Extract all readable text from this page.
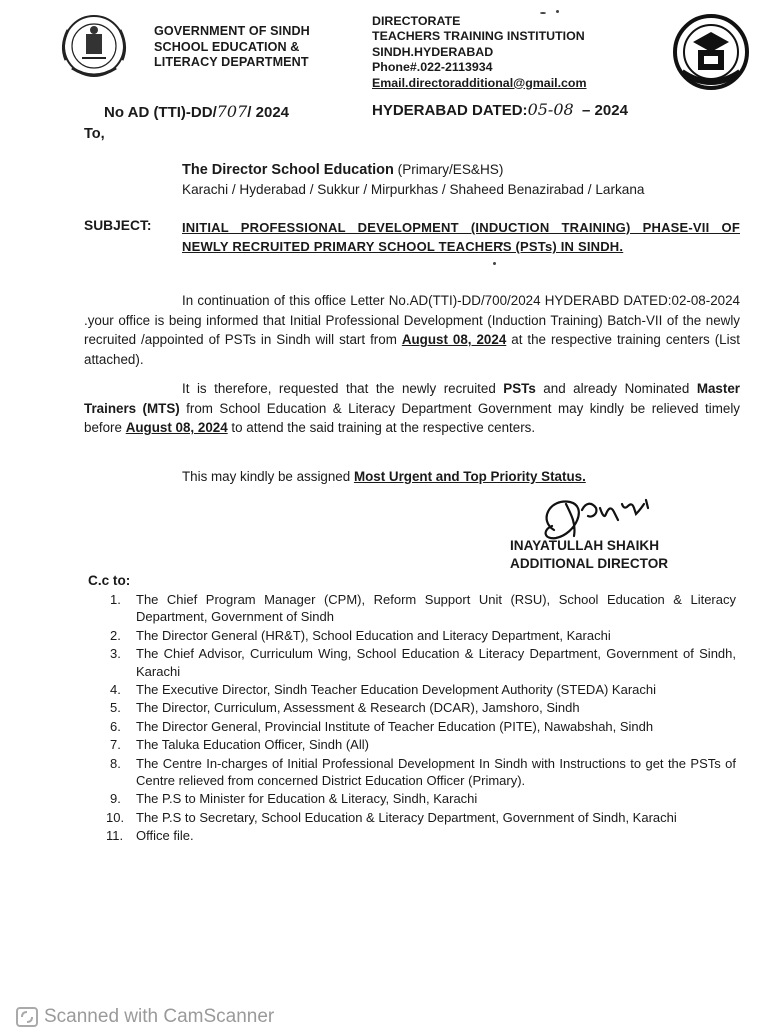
GOVERNMENT OF SINDH
SCHOOL EDUCATION &
LITERACY DEPARTMENT
DIRECTORATE
TEACHERS TRAINING INSTITUTION
SINDH.HYDERABAD
Phone#.022-2113934
Email.directoradditional@gmail.com
No AD (TTI)-DD/707/ 2024	HYDERABAD DATED:05-08 – 2024
To,
The Director School Education (Primary/ES&HS)
Karachi / Hyderabad / Sukkur / Mirpurkhas / Shaheed Benazirabad / Larkana
SUBJECT: INITIAL PROFESSIONAL DEVELOPMENT (INDUCTION TRAINING) PHASE-VII OF NEWLY RECRUITED PRIMARY SCHOOL TEACHERS (PSTs) IN SINDH.
In continuation of this office Letter No.AD(TTI)-DD/700/2024 HYDERABD DATED:02-08-2024 .your office is being informed that Initial Professional Development (Induction Training) Batch-VII of the newly recruited /appointed of PSTs in Sindh will start from August 08, 2024 at the respective training centers (List attached).
It is therefore, requested that the newly recruited PSTs and already Nominated Master Trainers (MTS) from School Education & Literacy Department Government may kindly be relieved timely before August 08, 2024 to attend the said training at the respective centers.
This may kindly be assigned Most Urgent and Top Priority Status.
INAYATULLAH SHAIKH
ADDITIONAL DIRECTOR
C.c to:
1. The Chief Program Manager (CPM), Reform Support Unit (RSU), School Education & Literacy Department, Government of Sindh
2. The Director General (HR&T), School Education and Literacy Department, Karachi
3. The Chief Advisor, Curriculum Wing, School Education & Literacy Department, Government of Sindh, Karachi
4. The Executive Director, Sindh Teacher Education Development Authority (STEDA) Karachi
5. The Director, Curriculum, Assessment & Research (DCAR), Jamshoro, Sindh
6. The Director General, Provincial Institute of Teacher Education (PITE), Nawabshah, Sindh
7. The Taluka Education Officer, Sindh (All)
8. The Centre In-charges of Initial Professional Development In Sindh with Instructions to get the PSTs of Centre relieved from concerned District Education Officer (Primary).
9. The P.S to Minister for Education & Literacy, Sindh, Karachi
10. The P.S to Secretary, School Education & Literacy Department, Government of Sindh, Karachi
11. Office file.
Scanned with CamScanner
